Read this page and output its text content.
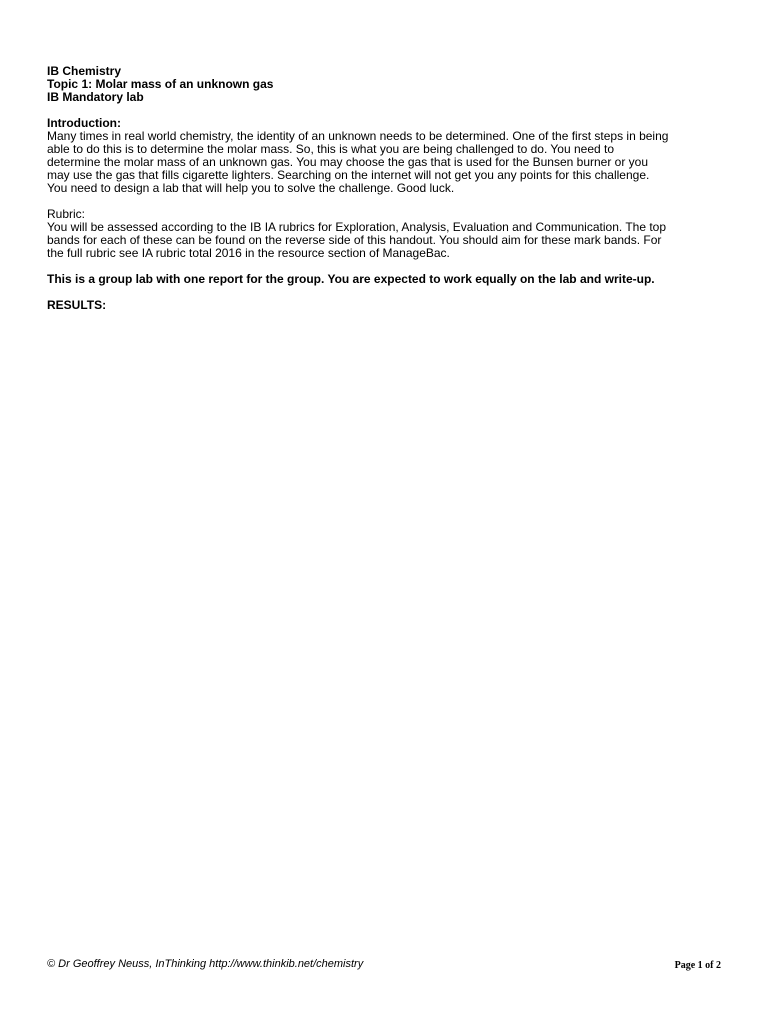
IB Chemistry
Topic 1: Molar mass of an unknown gas
IB Mandatory lab
Introduction:
Many times in real world chemistry, the identity of an unknown needs to be determined. One of the first steps in being
able to do this is to determine the molar mass. So, this is what you are being challenged to do. You need to
determine the molar mass of an unknown gas. You may choose the gas that is used for the Bunsen burner or you
may use the gas that fills cigarette lighters. Searching on the internet will not get you any points for this challenge.
You need to design a lab that will help you to solve the challenge. Good luck.
Rubric:
You will be assessed according to the IB IA rubrics for Exploration, Analysis, Evaluation and Communication. The top
bands for each of these can be found on the reverse side of this handout. You should aim for these mark bands. For
the full rubric see IA rubric total 2016 in the resource section of ManageBac.
This is a group lab with one report for the group. You are expected to work equally on the lab and write-up.
RESULTS:
© Dr Geoffrey Neuss, InThinking http://www.thinkib.net/chemistry	Page 1 of 2
